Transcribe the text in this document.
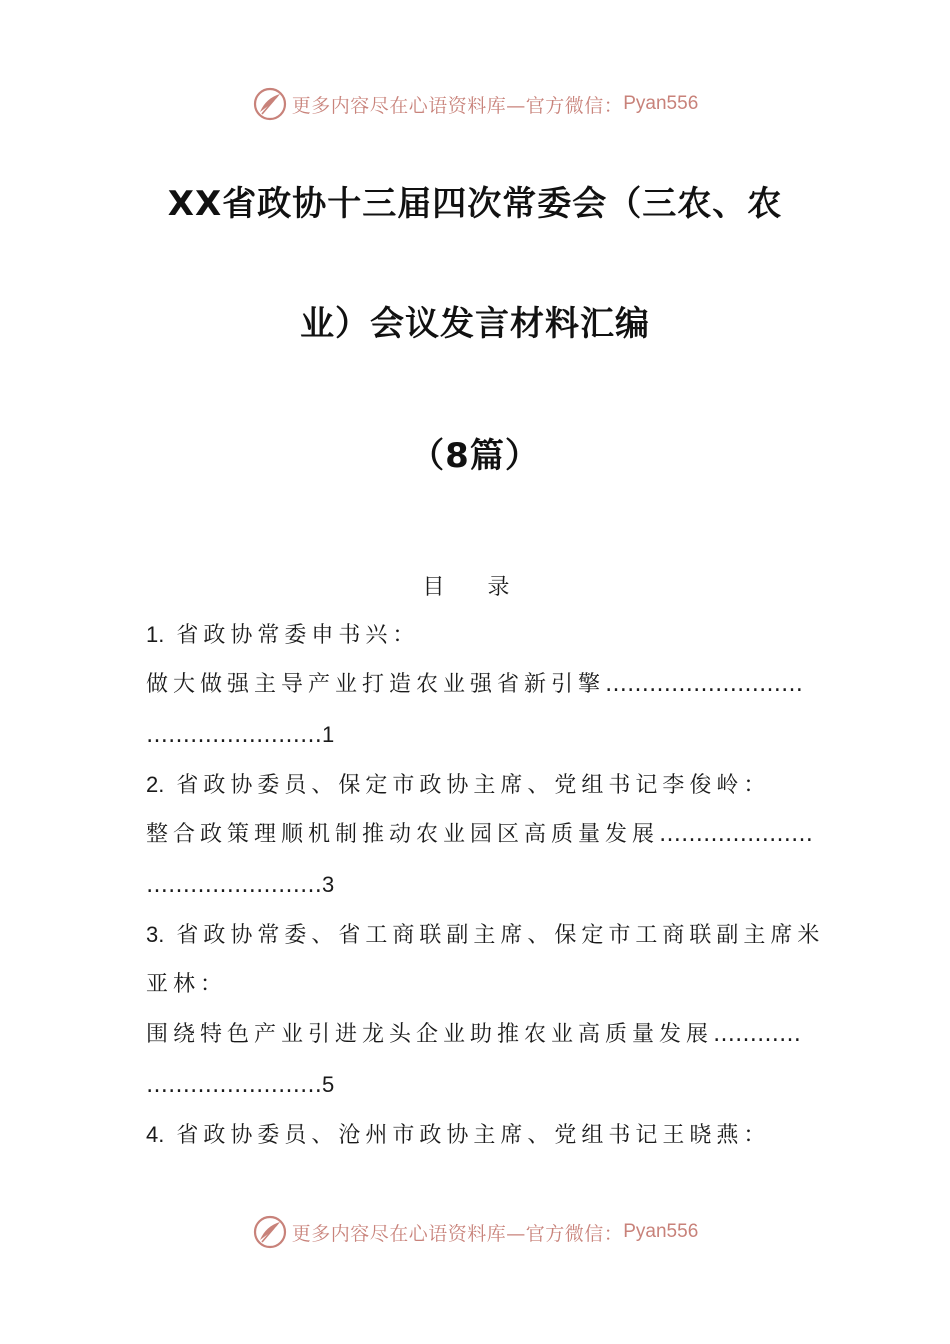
更多内容尽在心语资料库—官方微信： Pyan556
XX省政协十三届四次常委会（三农、农
业）会议发言材料汇编
（8篇）
目 录
1. 省政协常委申书兴：
做大做强主导产业打造农业强省新引擎………………………
……………………1
2. 省政协委员、保定市政协主席、党组书记李俊岭：
整合政策理顺机制推动农业园区高质量发展…………………
……………………3
3. 省政协常委、省工商联副主席、保定市工商联副主席米
亚林：
围绕特色产业引进龙头企业助推农业高质量发展…………
……………………5
4. 省政协委员、沧州市政协主席、党组书记王晓燕：
更多内容尽在心语资料库—官方微信： Pyan556
